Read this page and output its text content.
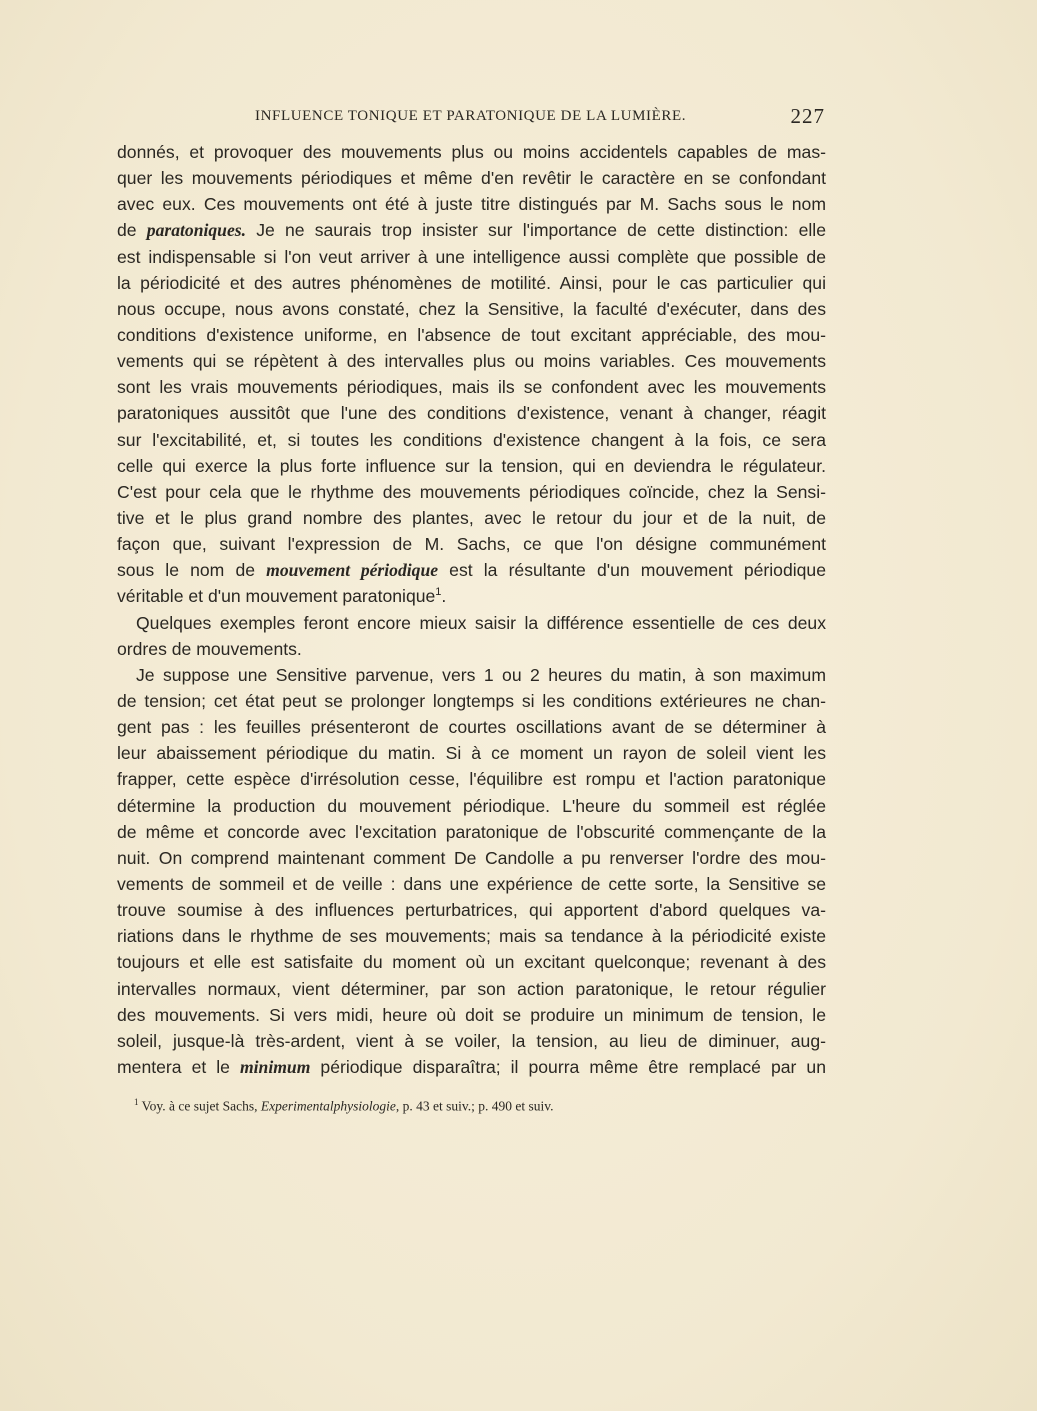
INFLUENCE TONIQUE ET PARATONIQUE DE LA LUMIÈRE.	227
donnés, et provoquer des mouvements plus ou moins accidentels capables de mas-
quer les mouvements périodiques et même d'en revêtir le caractère en se confondant
avec eux. Ces mouvements ont été à juste titre distingués par M. Sachs sous le nom
de paratoniques. Je ne saurais trop insister sur l'importance de cette distinction: elle
est indispensable si l'on veut arriver à une intelligence aussi complète que possible de
la périodicité et des autres phénomènes de motilité. Ainsi, pour le cas particulier qui
nous occupe, nous avons constaté, chez la Sensitive, la faculté d'exécuter, dans des
conditions d'existence uniforme, en l'absence de tout excitant appréciable, des mou-
vements qui se répètent à des intervalles plus ou moins variables. Ces mouvements
sont les vrais mouvements périodiques, mais ils se confondent avec les mouvements
paratoniques aussitôt que l'une des conditions d'existence, venant à changer, réagit
sur l'excitabilité, et, si toutes les conditions d'existence changent à la fois, ce sera
celle qui exerce la plus forte influence sur la tension, qui en deviendra le régulateur.
C'est pour cela que le rhythme des mouvements périodiques coïncide, chez la Sensi-
tive et le plus grand nombre des plantes, avec le retour du jour et de la nuit, de
façon que, suivant l'expression de M. Sachs, ce que l'on désigne communément
sous le nom de mouvement périodique est la résultante d'un mouvement périodique
véritable et d'un mouvement paratonique$^1$.
Quelques exemples feront encore mieux saisir la différence essentielle de ces deux
ordres de mouvements.
Je suppose une Sensitive parvenue, vers 1 ou 2 heures du matin, à son maximum
de tension; cet état peut se prolonger longtemps si les conditions extérieures ne chan-
gent pas : les feuilles présenteront de courtes oscillations avant de se déterminer à
leur abaissement périodique du matin. Si à ce moment un rayon de soleil vient les
frapper, cette espèce d'irrésolution cesse, l'équilibre est rompu et l'action paratonique
détermine la production du mouvement périodique. L'heure du sommeil est réglée
de même et concorde avec l'excitation paratonique de l'obscurité commençante de la
nuit. On comprend maintenant comment De Candolle a pu renverser l'ordre des mou-
vements de sommeil et de veille : dans une expérience de cette sorte, la Sensitive se
trouve soumise à des influences perturbatrices, qui apportent d'abord quelques va-
riations dans le rhythme de ses mouvements; mais sa tendance à la périodicité existe
toujours et elle est satisfaite du moment où un excitant quelconque; revenant à des
intervalles normaux, vient déterminer, par son action paratonique, le retour régulier
des mouvements. Si vers midi, heure où doit se produire un minimum de tension, le
soleil, jusque-là très-ardent, vient à se voiler, la tension, au lieu de diminuer, aug-
mentera et le minimum périodique disparaîtra; il pourra même être remplacé par un
$^1$ Voy. à ce sujet Sachs, Experimentalphysiologie, p. 43 et suiv.; p. 490 et suiv.
